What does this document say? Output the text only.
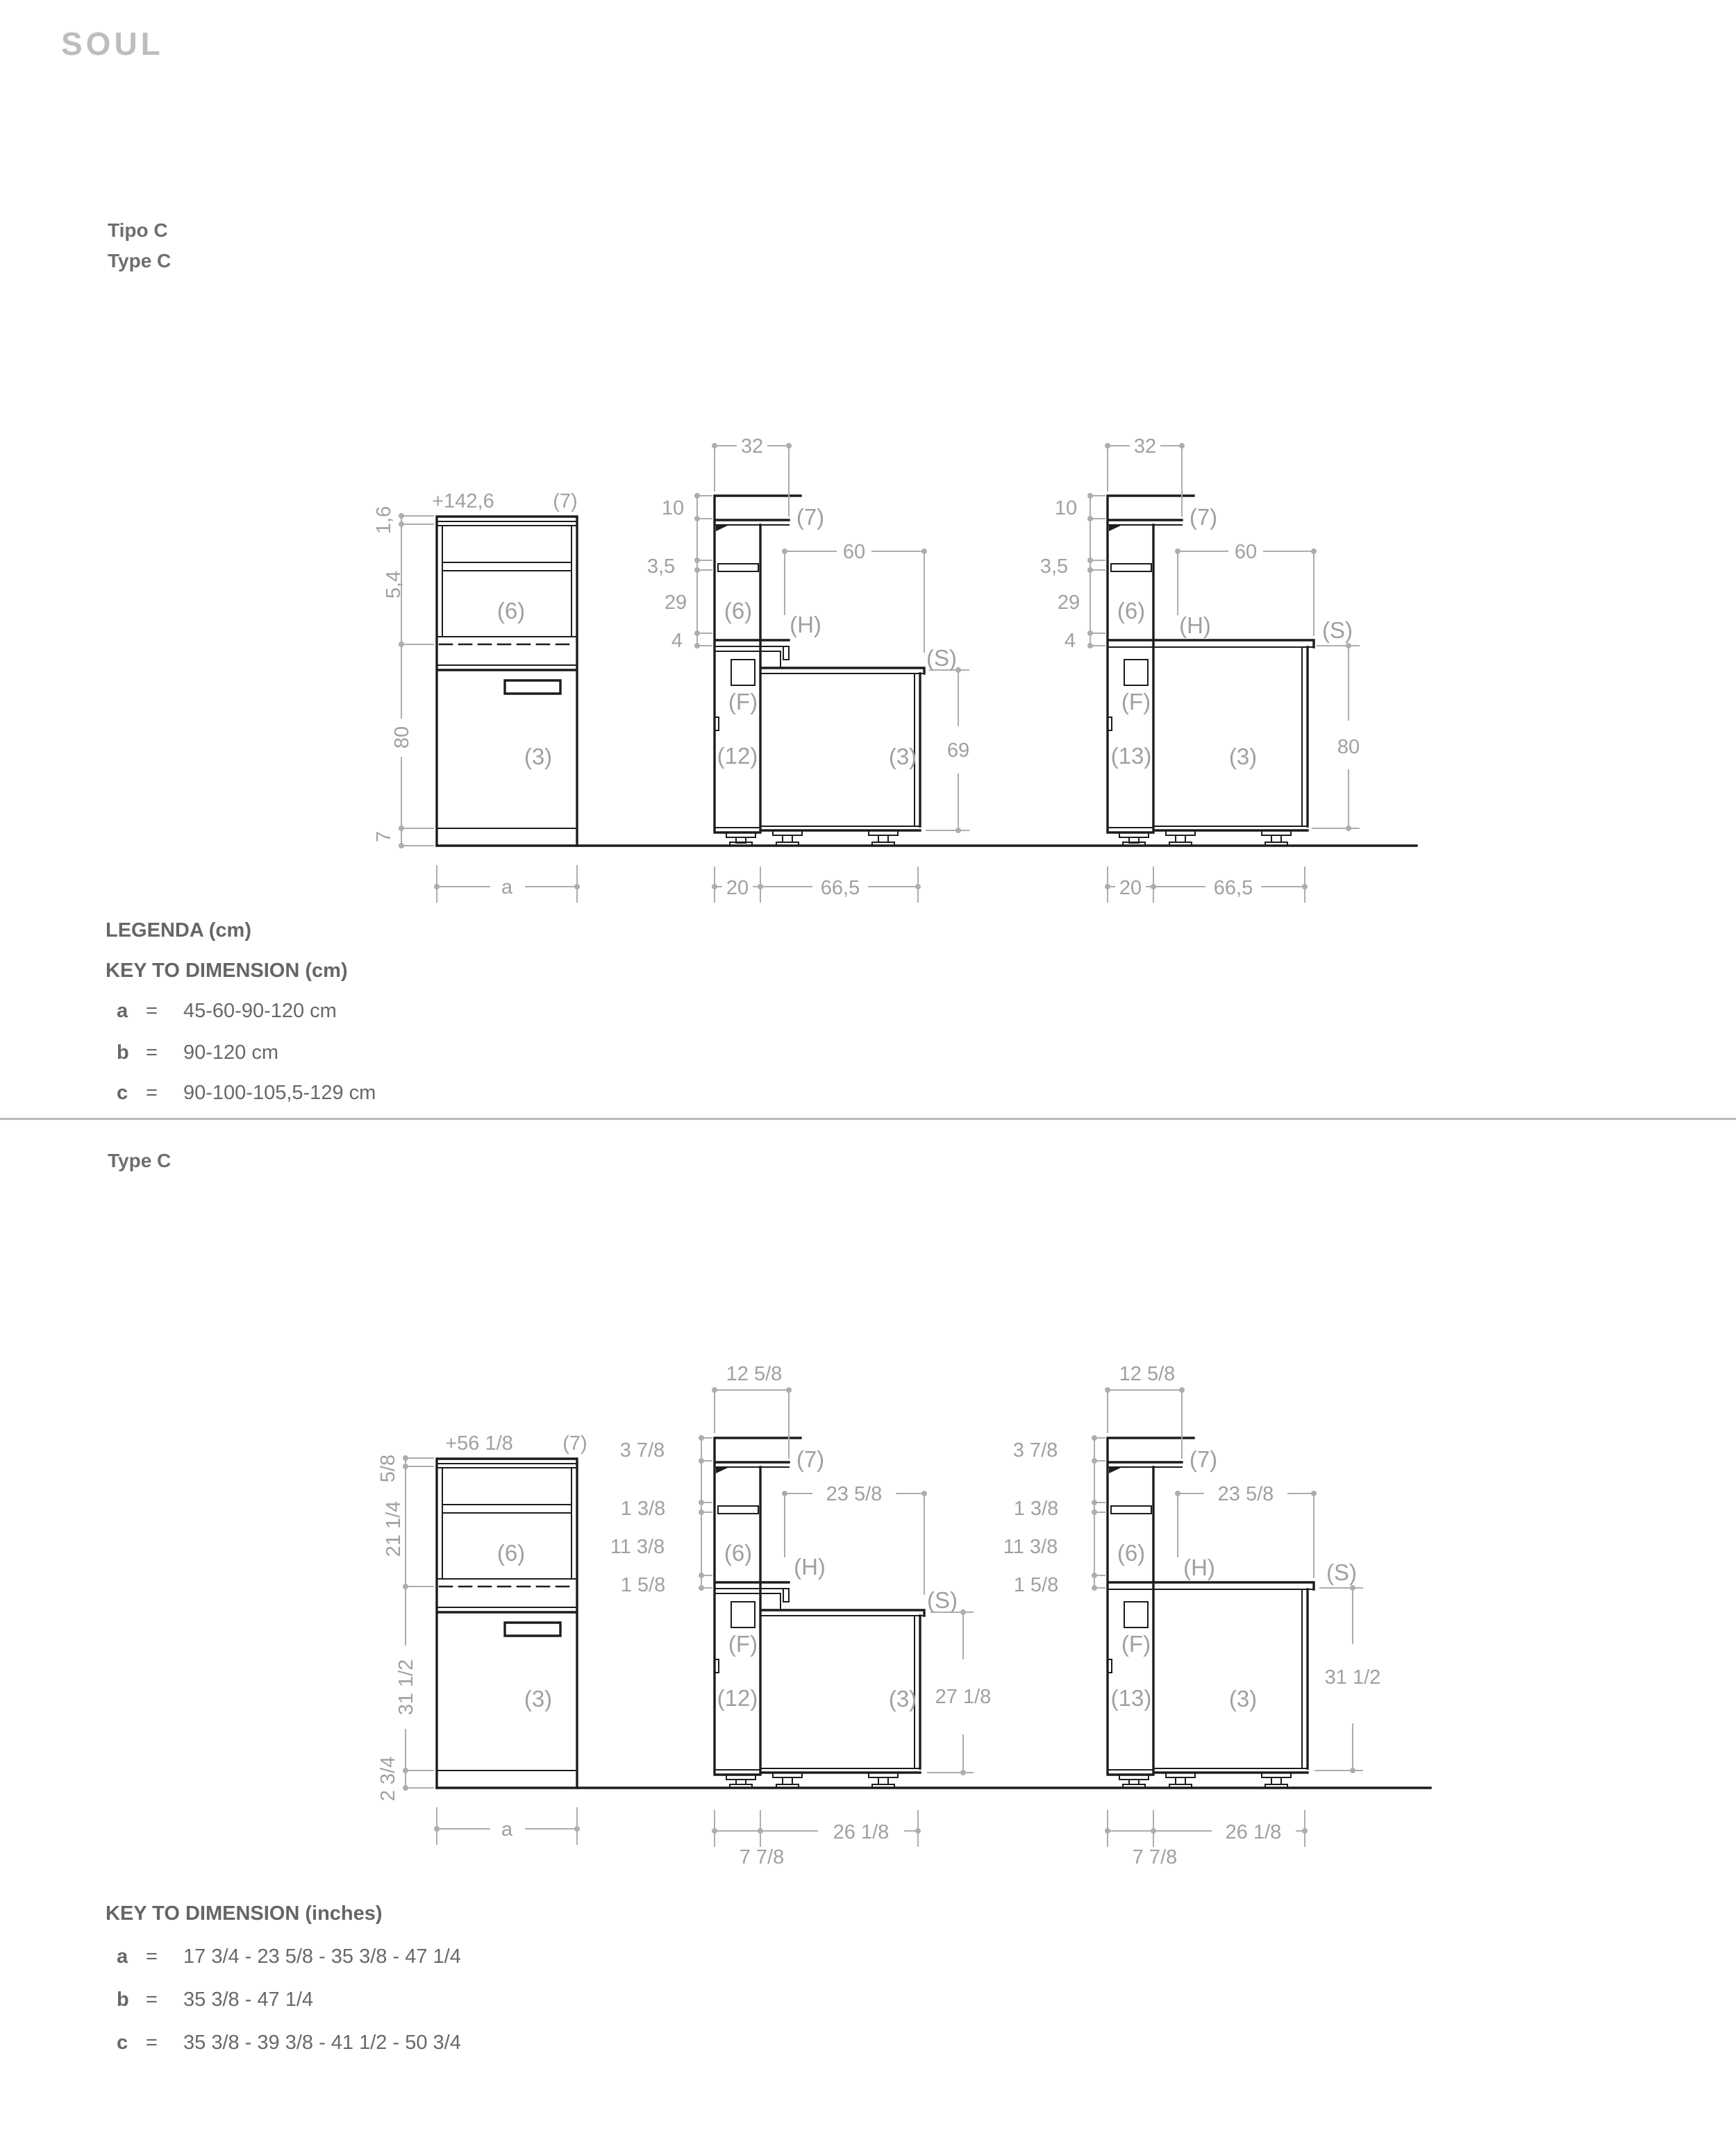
SOUL
Tipo C
Type C
+142,6	(7)
1,6
5,4
80
7
(6)
(3)
a
32
10
3,5
29
4
60
69
20	66,5
(7)
(6)
(H)
(S)
(F)
(12)	(3)
32
10
3,5
29
4
60
80
20	66,5
(7)
(6)
(H)	(S)
(F)
(13)	(3)
+56 1/8 (7)
5/8
21 1/4
31 1/2
2 3/4
(6)
(3)
a
12 5/8
3 7/8
1 3/8
11 3/8
1 5/8
23 5/8
27 1/8
7 7/8
26 1/8
(7)
(6)
(H)
(S)
(F)
(12)	(3)
12 5/8
3 7/8
1 3/8
11 3/8
1 5/8
23 5/8
31 1/2
7 7/8
26 1/8
(7)
(6)
(H)	(S)
(F)
(13)	(3)
LEGENDA (cm)
KEY TO DIMENSION (cm)
a =	45-60-90-120 cm
b =	90-120 cm
c =	90-100-105,5-129 cm
Type C
KEY TO DIMENSION (inches)
a =	17 3/4 - 23 5/8 - 35 3/8 - 47 1/4
b =	35 3/8 - 47 1/4
c =	35 3/8 - 39 3/8 - 41 1/2 - 50 3/4
